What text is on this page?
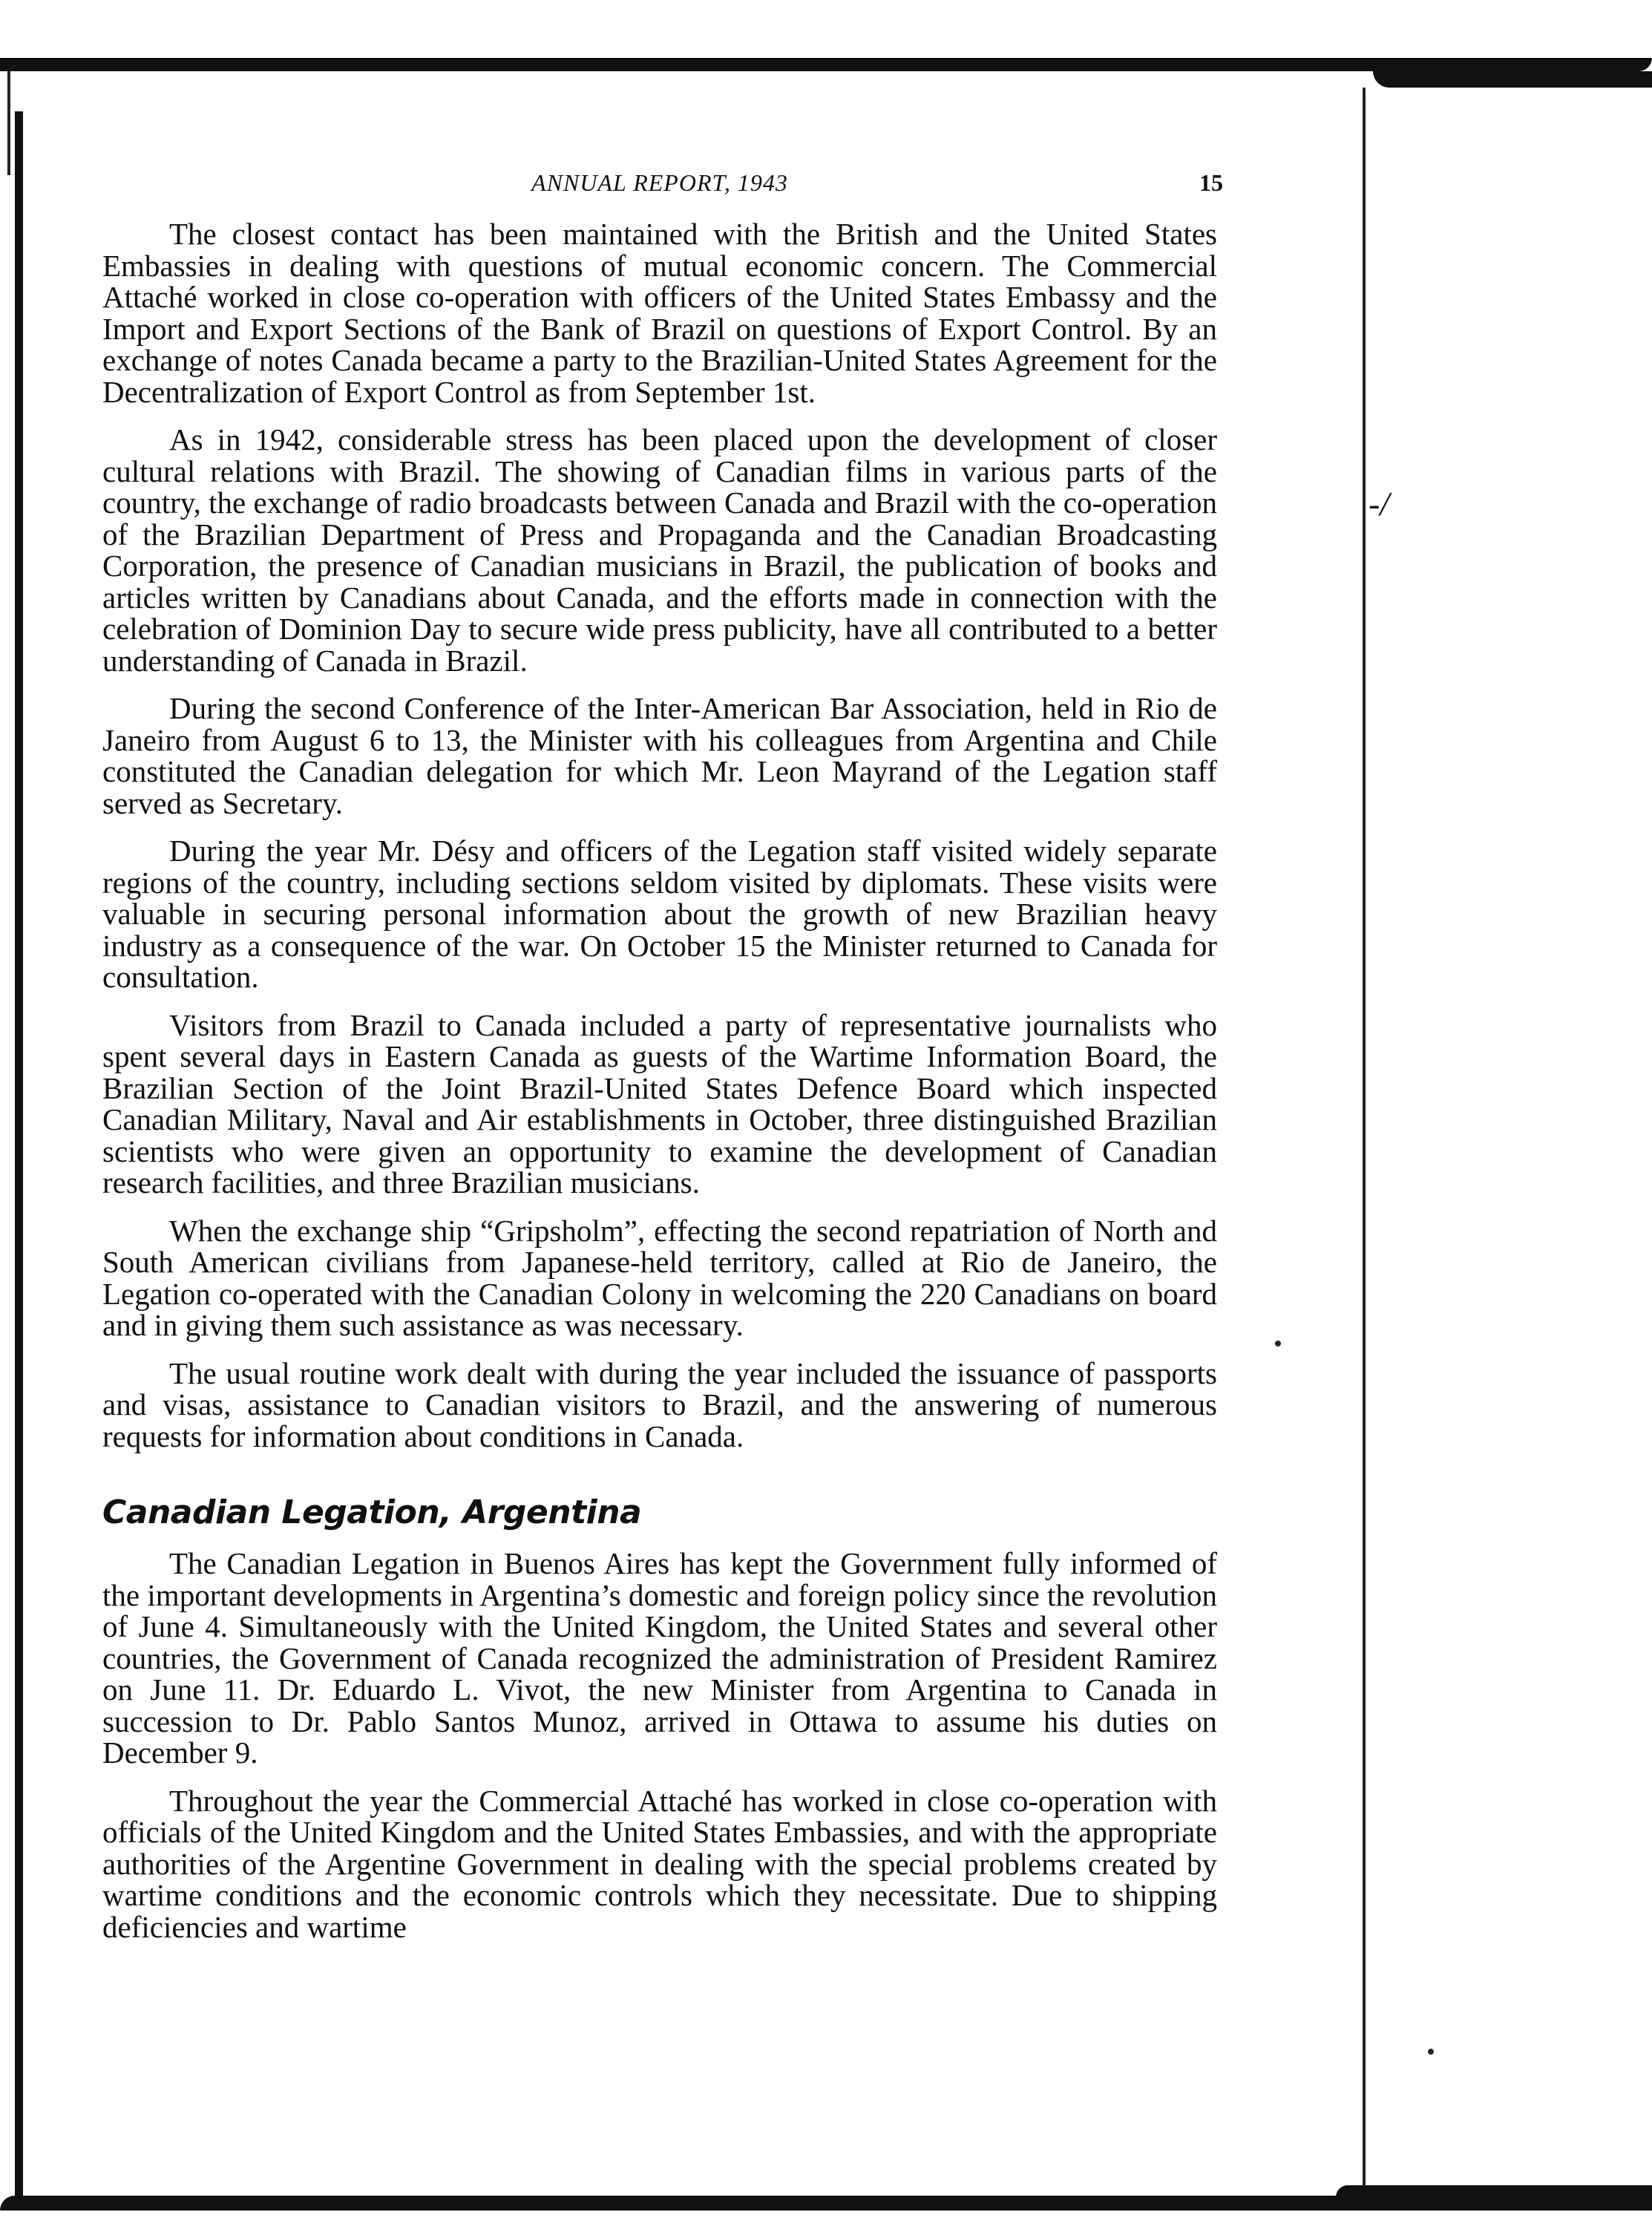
-/
ANNUAL REPORT, 1943	15

The closest contact has been maintained with the British and the United States Embassies in dealing with questions of mutual economic concern. The Commercial Attaché worked in close co-operation with officers of the United States Embassy and the Import and Export Sections of the Bank of Brazil on questions of Export Control. By an exchange of notes Canada became a party to the Brazilian-United States Agreement for the Decentralization of Export Control as from September 1st.

As in 1942, considerable stress has been placed upon the development of closer cultural relations with Brazil. The showing of Canadian films in various parts of the country, the exchange of radio broadcasts between Canada and Brazil with the co-operation of the Brazilian Department of Press and Propaganda and the Canadian Broadcasting Corporation, the presence of Canadian musicians in Brazil, the publication of books and articles written by Canadians about Canada, and the efforts made in connection with the celebration of Dominion Day to secure wide press publicity, have all contributed to a better understanding of Canada in Brazil.

During the second Conference of the Inter-American Bar Association, held in Rio de Janeiro from August 6 to 13, the Minister with his colleagues from Argentina and Chile constituted the Canadian delegation for which Mr. Leon Mayrand of the Legation staff served as Secretary.

During the year Mr. Désy and officers of the Legation staff visited widely separate regions of the country, including sections seldom visited by diplomats. These visits were valuable in securing personal information about the growth of new Brazilian heavy industry as a consequence of the war. On October 15 the Minister returned to Canada for consultation.

Visitors from Brazil to Canada included a party of representative journalists who spent several days in Eastern Canada as guests of the Wartime Information Board, the Brazilian Section of the Joint Brazil-United States Defence Board which inspected Canadian Military, Naval and Air establishments in October, three distinguished Brazilian scientists who were given an opportunity to examine the development of Canadian research facilities, and three Brazilian musicians.

When the exchange ship “Gripsholm”, effecting the second repatriation of North and South American civilians from Japanese-held territory, called at Rio de Janeiro, the Legation co-operated with the Canadian Colony in welcoming the 220 Canadians on board and in giving them such assistance as was necessary.

The usual routine work dealt with during the year included the issuance of passports and visas, assistance to Canadian visitors to Brazil, and the answering of numerous requests for information about conditions in Canada.

Canadian Legation, Argentina

The Canadian Legation in Buenos Aires has kept the Government fully informed of the important developments in Argentina’s domestic and foreign policy since the revolution of June 4. Simultaneously with the United Kingdom, the United States and several other countries, the Government of Canada recognized the administration of President Ramirez on June 11. Dr. Eduardo L. Vivot, the new Minister from Argentina to Canada in succession to Dr. Pablo Santos Munoz, arrived in Ottawa to assume his duties on December 9.

Throughout the year the Commercial Attaché has worked in close co-operation with officials of the United Kingdom and the United States Embassies, and with the appropriate authorities of the Argentine Government in dealing with the special problems created by wartime conditions and the economic controls which they necessitate. Due to shipping deficiencies and wartime
